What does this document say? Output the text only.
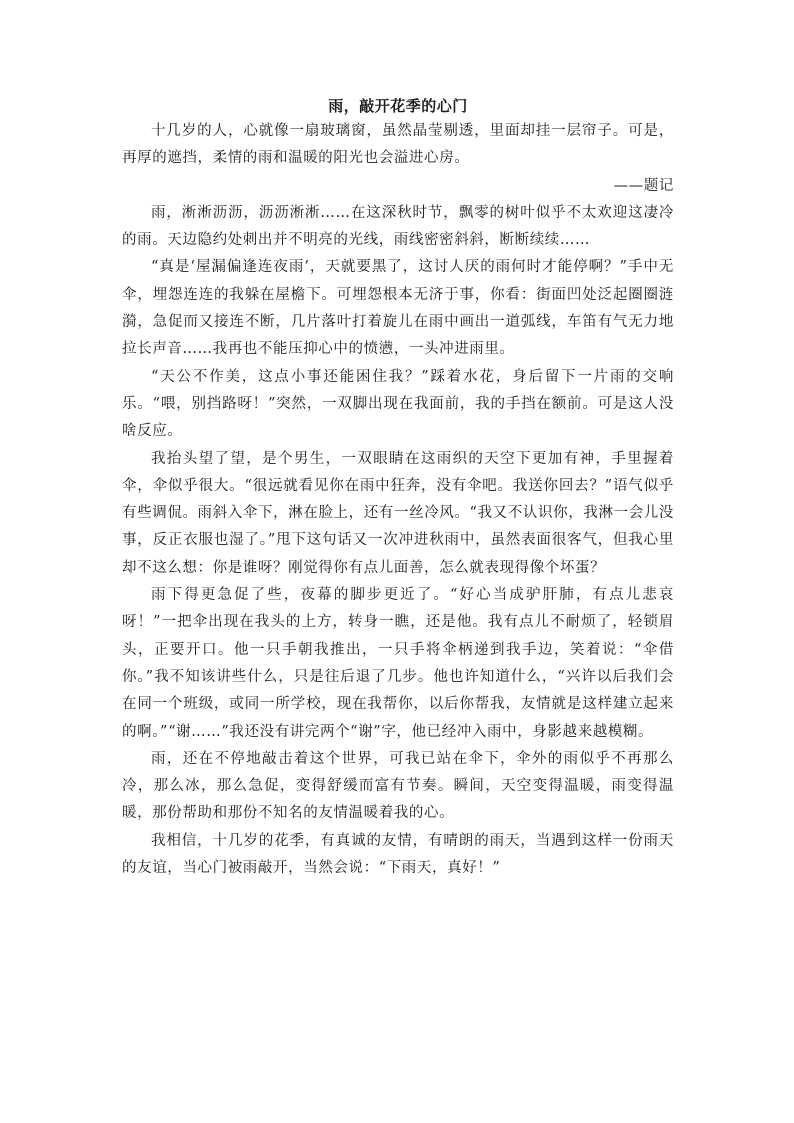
雨，敲开花季的心门

十几岁的人，心就像一扇玻璃窗，虽然晶莹剔透，里面却挂一层帘子。可是，再厚的遮挡，柔情的雨和温暖的阳光也会溢进心房。

——题记

雨，淅淅沥沥，沥沥淅淅……在这深秋时节，飘零的树叶似乎不太欢迎这凄冷的雨。天边隐约处刺出并不明亮的光线，雨线密密斜斜，断断续续……

“真是‘屋漏偏逢连夜雨’，天就要黑了，这讨人厌的雨何时才能停啊？”手中无伞，埋怨连连的我躲在屋檐下。可埋怨根本无济于事，你看：街面凹处泛起圈圈涟漪，急促而又接连不断，几片落叶打着旋儿在雨中画出一道弧线，车笛有气无力地拉长声音……我再也不能压抑心中的愤懑，一头冲进雨里。

“天公不作美，这点小事还能困住我？”踩着水花，身后留下一片雨的交响乐。“喂，别挡路呀！”突然，一双脚出现在我面前，我的手挡在额前。可是这人没啥反应。

我抬头望了望，是个男生，一双眼睛在这雨织的天空下更加有神，手里握着伞，伞似乎很大。“很远就看见你在雨中狂奔，没有伞吧。我送你回去？”语气似乎有些调侃。雨斜入伞下，淋在脸上，还有一丝冷风。“我又不认识你，我淋一会儿没事，反正衣服也湿了。”甩下这句话又一次冲进秋雨中，虽然表面很客气，但我心里却不这么想：你是谁呀？刚觉得你有点儿面善，怎么就表现得像个坏蛋？

雨下得更急促了些，夜幕的脚步更近了。“好心当成驴肝肺，有点儿悲哀呀！”一把伞出现在我头的上方，转身一瞧，还是他。我有点儿不耐烦了，轻锁眉头，正要开口。他一只手朝我推出，一只手将伞柄递到我手边，笑着说：“伞借你。”我不知该讲些什么，只是往后退了几步。他也许知道什么，“兴许以后我们会在同一个班级，或同一所学校，现在我帮你，以后你帮我，友情就是这样建立起来的啊。”“谢……”我还没有讲完两个“谢”字，他已经冲入雨中，身影越来越模糊。

雨，还在不停地敲击着这个世界，可我已站在伞下，伞外的雨似乎不再那么冷，那么冰，那么急促，变得舒缓而富有节奏。瞬间，天空变得温暖，雨变得温暖，那份帮助和那份不知名的友情温暖着我的心。

我相信，十几岁的花季，有真诚的友情，有晴朗的雨天，当遇到这样一份雨天的友谊，当心门被雨敲开，当然会说：“下雨天，真好！”
